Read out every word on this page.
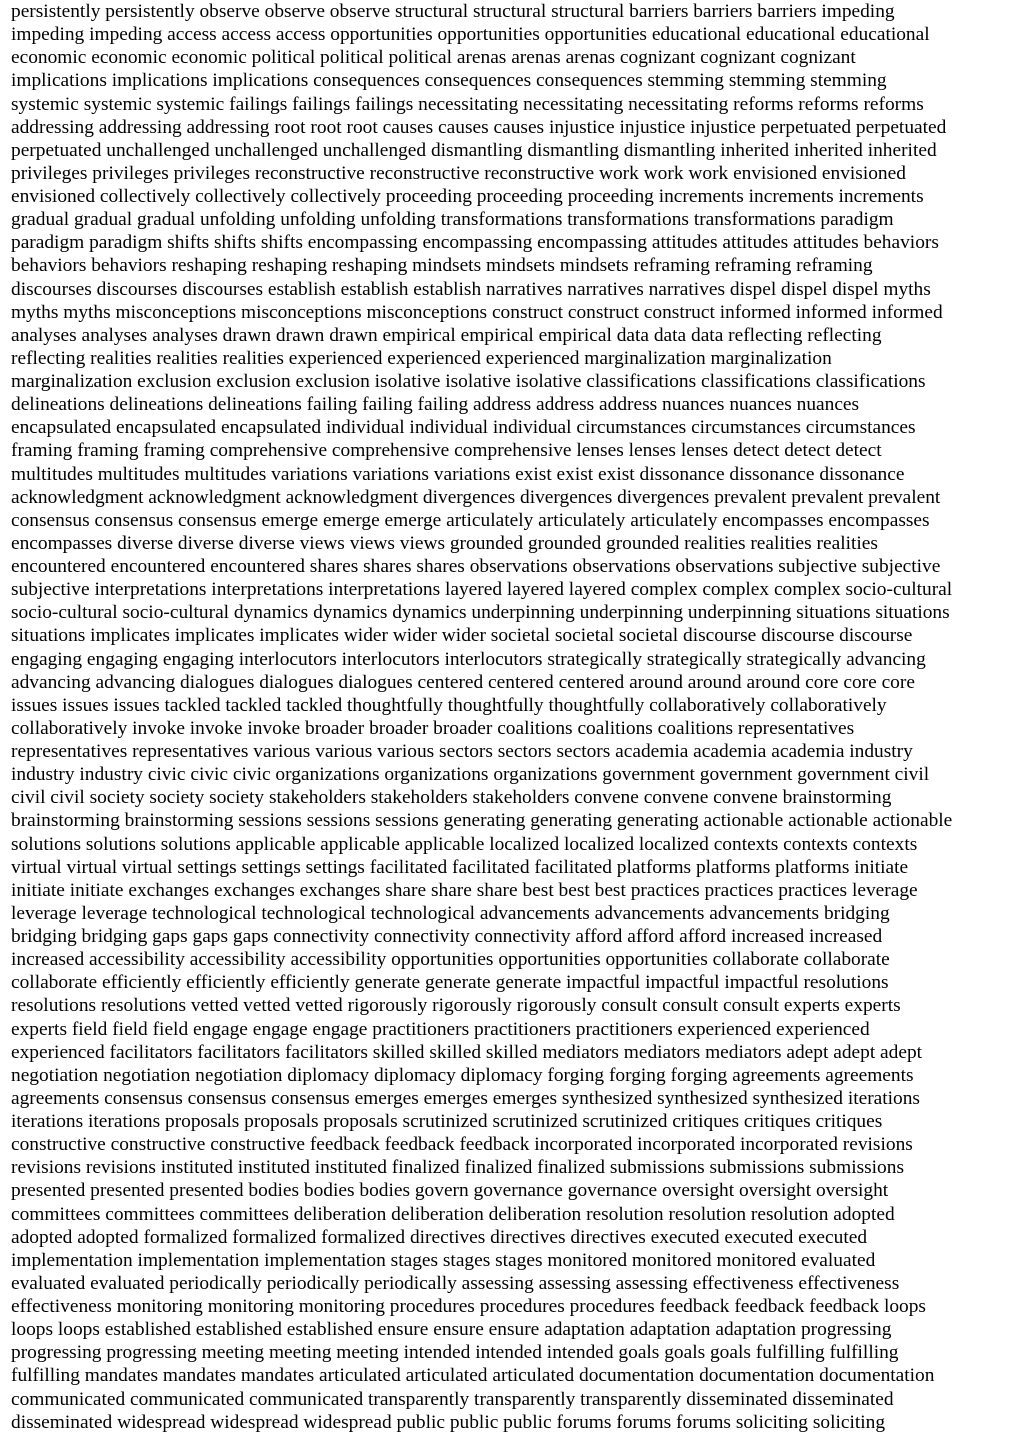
persistently persistently observe observe observe structural structural structural barriers barriers barriers impeding

impeding impeding access access access opportunities opportunities opportunities educational educational educational

economic economic economic political political political arenas arenas arenas cognizant cognizant cognizant

implications implications implications consequences consequences consequences stemming stemming stemming

systemic systemic systemic failings failings failings necessitating necessitating necessitating reforms reforms reforms

addressing addressing addressing root root root causes causes causes injustice injustice injustice perpetuated perpetuated

perpetuated unchallenged unchallenged unchallenged dismantling dismantling dismantling inherited inherited inherited

privileges privileges privileges reconstructive reconstructive reconstructive work work work envisioned envisioned

envisioned collectively collectively collectively proceeding proceeding proceeding increments increments increments

gradual gradual gradual unfolding unfolding unfolding transformations transformations transformations paradigm

paradigm paradigm shifts shifts shifts encompassing encompassing encompassing attitudes attitudes attitudes behaviors

behaviors behaviors reshaping reshaping reshaping mindsets mindsets mindsets reframing reframing reframing

discourses discourses discourses establish establish establish narratives narratives narratives dispel dispel dispel myths

myths myths misconceptions misconceptions misconceptions construct construct construct informed informed informed

analyses analyses analyses drawn drawn drawn empirical empirical empirical data data data reflecting reflecting

reflecting realities realities realities experienced experienced experienced marginalization marginalization

marginalization exclusion exclusion exclusion isolative isolative isolative classifications classifications classifications

delineations delineations delineations failing failing failing address address address nuances nuances nuances

encapsulated encapsulated encapsulated individual individual individual circumstances circumstances circumstances

framing framing framing comprehensive comprehensive comprehensive lenses lenses lenses detect detect detect

multitudes multitudes multitudes variations variations variations exist exist exist dissonance dissonance dissonance

acknowledgment acknowledgment acknowledgment divergences divergences divergences prevalent prevalent prevalent

consensus consensus consensus emerge emerge emerge articulately articulately articulately encompasses encompasses

encompasses diverse diverse diverse views views views grounded grounded grounded realities realities realities

encountered encountered encountered shares shares shares observations observations observations subjective subjective

subjective interpretations interpretations interpretations layered layered layered complex complex complex socio-cultural

socio-cultural socio-cultural dynamics dynamics dynamics underpinning underpinning underpinning situations situations

situations implicates implicates implicates wider wider wider societal societal societal discourse discourse discourse

engaging engaging engaging interlocutors interlocutors interlocutors strategically strategically strategically advancing

advancing advancing dialogues dialogues dialogues centered centered centered around around around core core core

issues issues issues tackled tackled tackled thoughtfully thoughtfully thoughtfully collaboratively collaboratively

collaboratively invoke invoke invoke broader broader broader coalitions coalitions coalitions representatives

representatives representatives various various various sectors sectors sectors academia academia academia industry

industry industry civic civic civic organizations organizations organizations government government government civil

civil civil society society society stakeholders stakeholders stakeholders convene convene convene brainstorming

brainstorming brainstorming sessions sessions sessions generating generating generating actionable actionable actionable

solutions solutions solutions applicable applicable applicable localized localized localized contexts contexts contexts

virtual virtual virtual settings settings settings facilitated facilitated facilitated platforms platforms platforms initiate

initiate initiate exchanges exchanges exchanges share share share best best best practices practices practices leverage

leverage leverage technological technological technological advancements advancements advancements bridging

bridging bridging gaps gaps gaps connectivity connectivity connectivity afford afford afford increased increased

increased accessibility accessibility accessibility opportunities opportunities opportunities collaborate collaborate

collaborate efficiently efficiently efficiently generate generate generate impactful impactful impactful resolutions

resolutions resolutions vetted vetted vetted rigorously rigorously rigorously consult consult consult experts experts

experts field field field engage engage engage practitioners practitioners practitioners experienced experienced

experienced facilitators facilitators facilitators skilled skilled skilled mediators mediators mediators adept adept adept

negotiation negotiation negotiation diplomacy diplomacy diplomacy forging forging forging agreements agreements

agreements consensus consensus consensus emerges emerges emerges synthesized synthesized synthesized iterations

iterations iterations proposals proposals proposals scrutinized scrutinized scrutinized critiques critiques critiques

constructive constructive constructive feedback feedback feedback incorporated incorporated incorporated revisions

revisions revisions instituted instituted instituted finalized finalized finalized submissions submissions submissions

presented presented presented bodies bodies bodies govern governance governance oversight oversight oversight

committees committees committees deliberation deliberation deliberation resolution resolution resolution adopted

adopted adopted formalized formalized formalized directives directives directives executed executed executed

implementation implementation implementation stages stages stages monitored monitored monitored evaluated

evaluated evaluated periodically periodically periodically assessing assessing assessing effectiveness effectiveness

effectiveness monitoring monitoring monitoring procedures procedures procedures feedback feedback feedback loops

loops loops established established established ensure ensure ensure adaptation adaptation adaptation progressing

progressing progressing meeting meeting meeting intended intended intended goals goals goals fulfilling fulfilling

fulfilling mandates mandates mandates articulated articulated articulated documentation documentation documentation

communicated communicated communicated transparently transparently transparently disseminated disseminated

disseminated widespread widespread widespread public public public forums forums forums soliciting soliciting
